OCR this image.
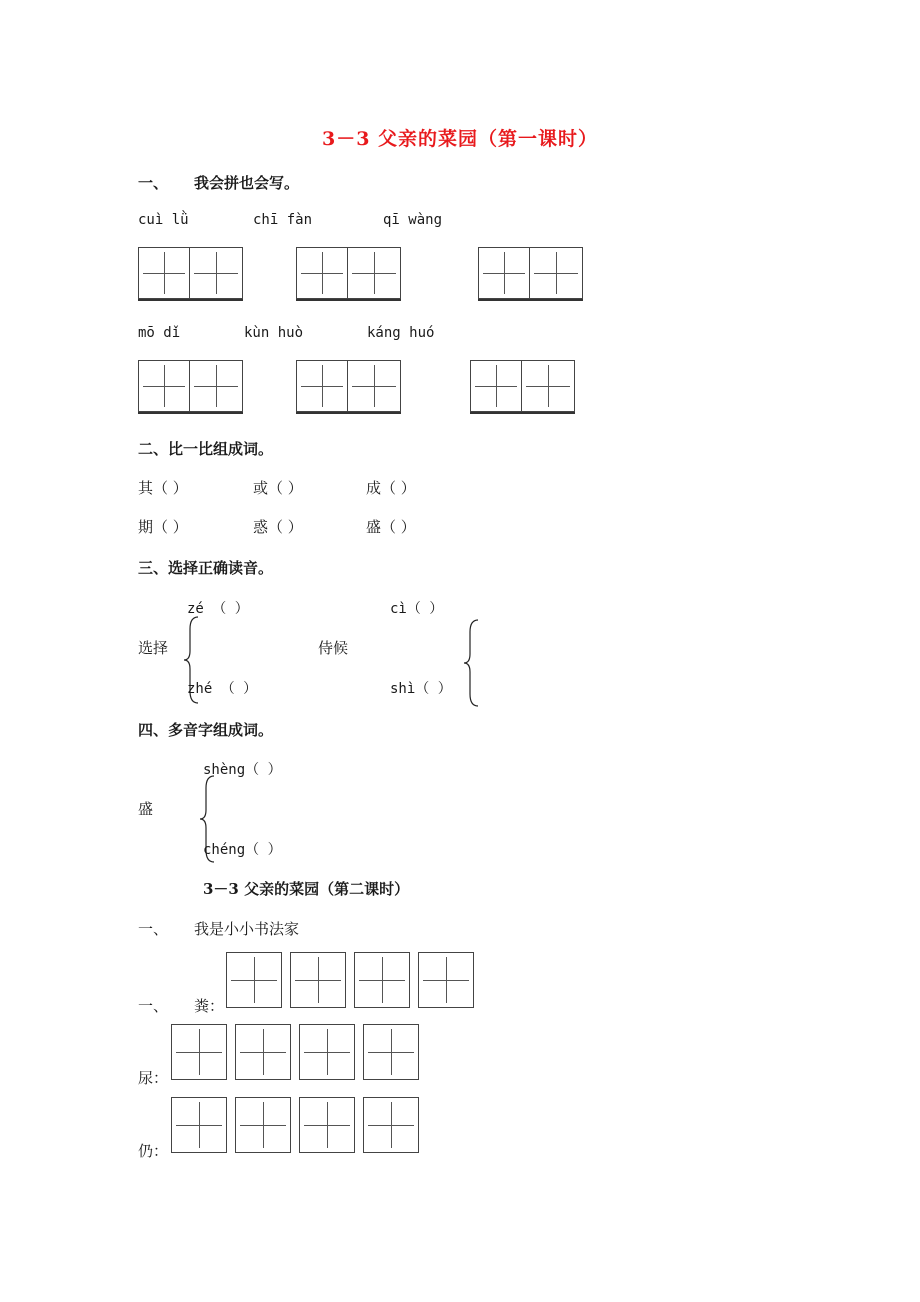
3－3 父亲的菜园（第一课时）
一、 我会拼也会写。
cuì lǜ	chī fàn	qī wàng
mō dǐ	kùn huò	káng huó
二、比一比组成词。
其（ ）	或（ ）	成（ ）
期（ ）	惑（ ）	盛（ ）
三、选择正确读音。
zé （ ）
选择
zhé （ ）
侍候
cì（ ）
shì（ ）
四、多音字组成词。
shèng（ ）
盛
chéng（ ）
3－3 父亲的菜园（第二课时）
一、 我是小小书法家
一、 粪：
尿：
仍：
